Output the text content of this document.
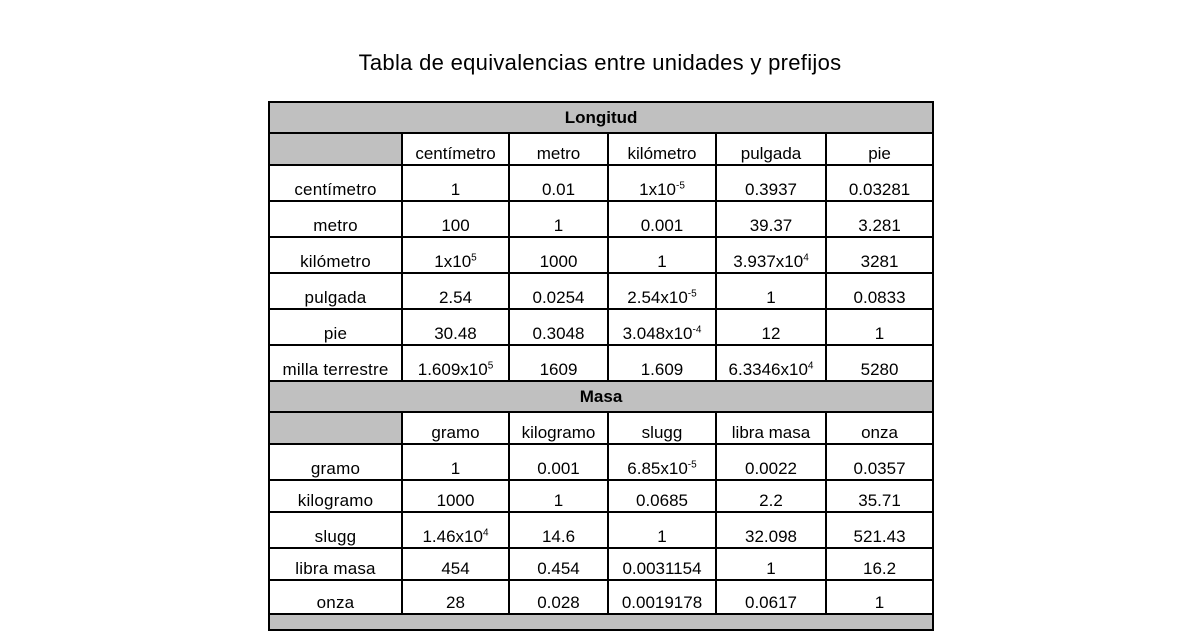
Tabla de equivalencias entre unidades y prefijos
Longitud					
	centímetro	metro	kilómetro	pulgada	pie
centímetro	1	0.01	$1x10^{-5}$	0.3937	0.03281
metro	100	1	0.001	39.37	3.281
kilómetro	$1x10^5$	1000	1	$3.937x10^4$	3281
pulgada	2.54	0.0254	$2.54x10^{-5}$	1	0.0833
pie	30.48	0.3048	$3.048x10^{-4}$	12	1
milla terrestre	$1.609x10^5$	1609	1.609	$6.3346x10^4$	5280
Masa					
	gramo	kilogramo	slugg	libra masa	onza
gramo	1	0.001	$6.85x10^{-5}$	0.0022	0.0357
kilogramo	1000	1	0.0685	2.2	35.71
slugg	$1.46x10^4$	14.6	1	32.098	521.43
libra masa	454	0.454	0.0031154	1	16.2
onza	28	0.028	0.0019178	0.0617	1
